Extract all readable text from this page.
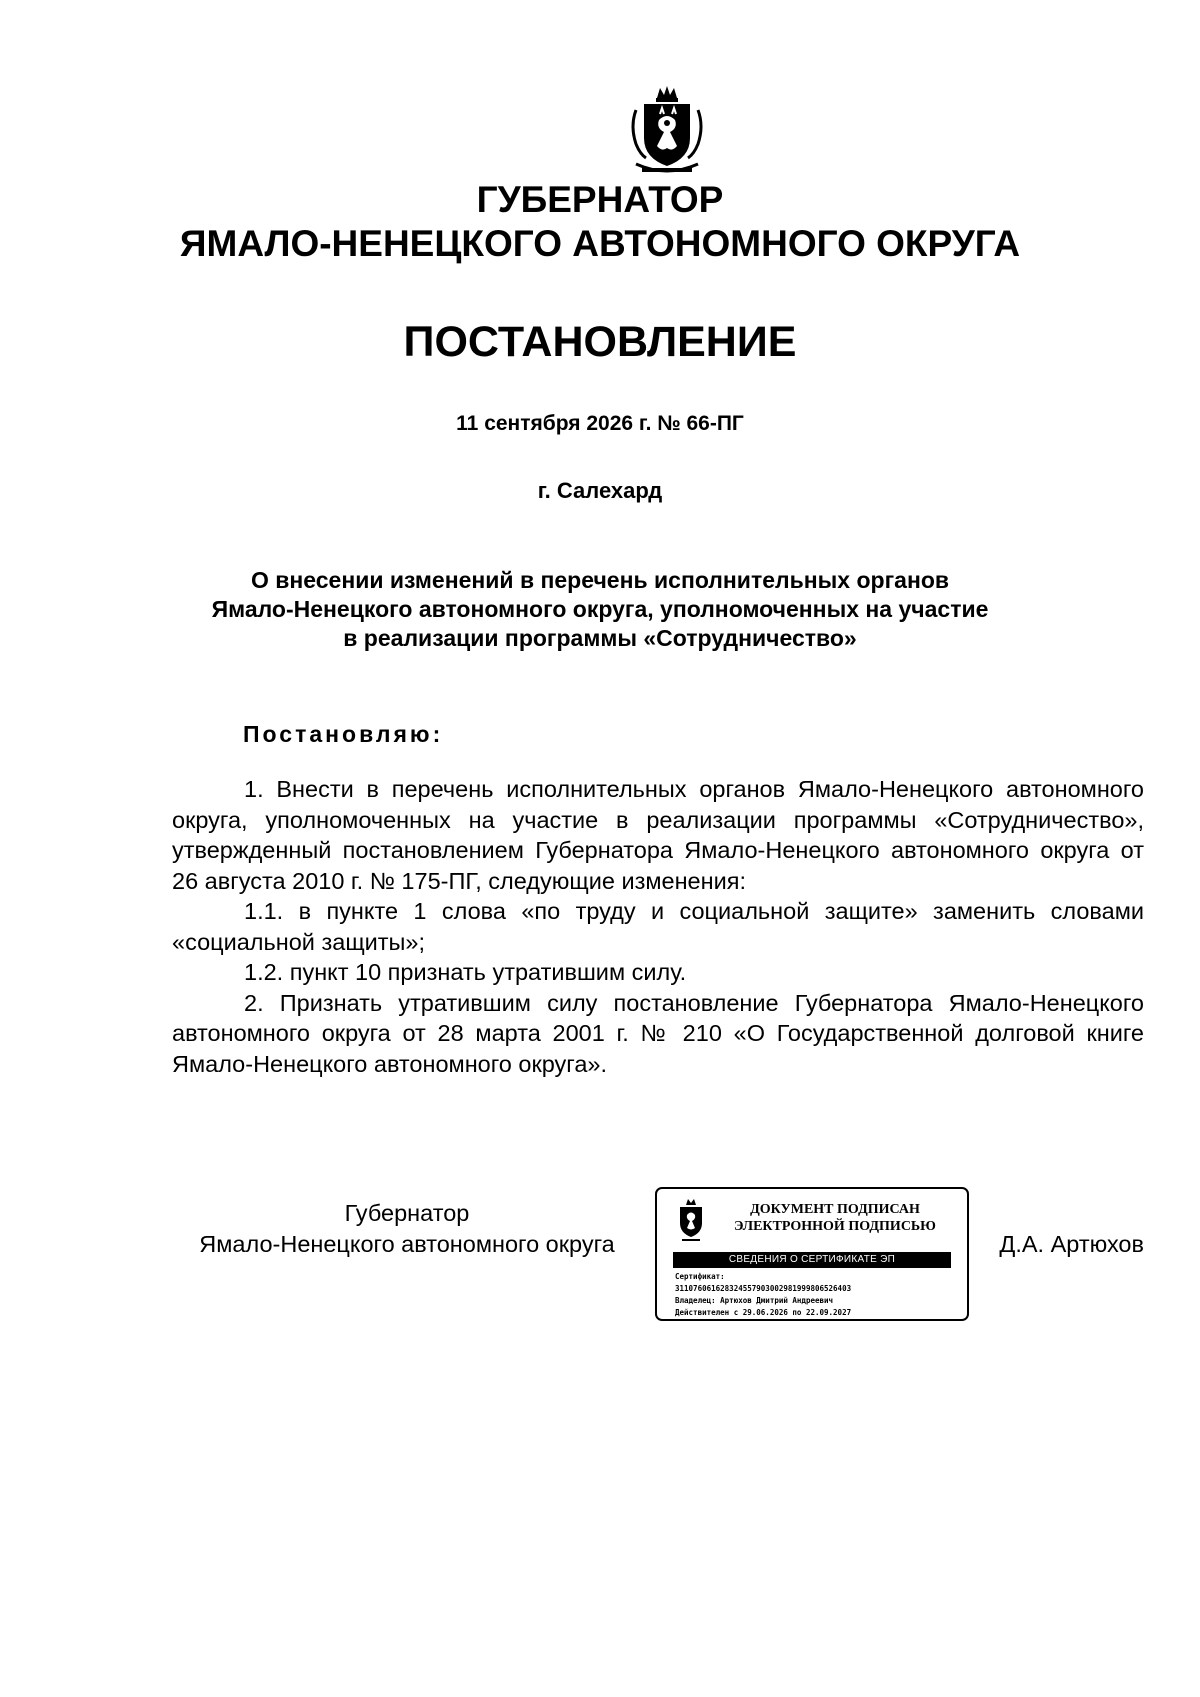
ГУБЕРНАТОР
ЯМАЛО-НЕНЕЦКОГО АВТОНОМНОГО ОКРУГА
ПОСТАНОВЛЕНИЕ
11 сентября 2026 г. № 66-ПГ
г. Салехард
О внесении изменений в перечень исполнительных органов
Ямало-Ненецкого автономного округа, уполномоченных на участие
в реализации программы «Сотрудничество»
Постановляю:

1. Внести в перечень исполнительных органов Ямало-Ненецкого автономного округа, уполномоченных на участие в реализации программы «Сотрудничество», утвержденный постановлением Губернатора Ямало-Ненецкого автономного округа от 26 августа 2010 г. № 175-ПГ, следующие изменения:

1.1. в пункте 1 слова «по труду и социальной защите» заменить словами «социальной защиты»;

1.2. пункт 10 признать утратившим силу.

2. Признать утратившим силу постановление Губернатора Ямало-Ненецкого автономного округа от 28 марта 2001 г. № 210 «О Государственной долговой книге Ямало-Ненецкого автономного округа».

Губернатор
Ямало-Ненецкого автономного округа
ДОКУМЕНТ ПОДПИСАН
ЭЛЕКТРОННОЙ ПОДПИСЬЮ
СВЕДЕНИЯ О СЕРТИФИКАТЕ ЭП
Сертификат:
311076061628324557903002981999806526403
Владелец: Артюхов Дмитрий Андреевич
Действителен с 29.06.2026 по 22.09.2027
Д.А. Артюхов
